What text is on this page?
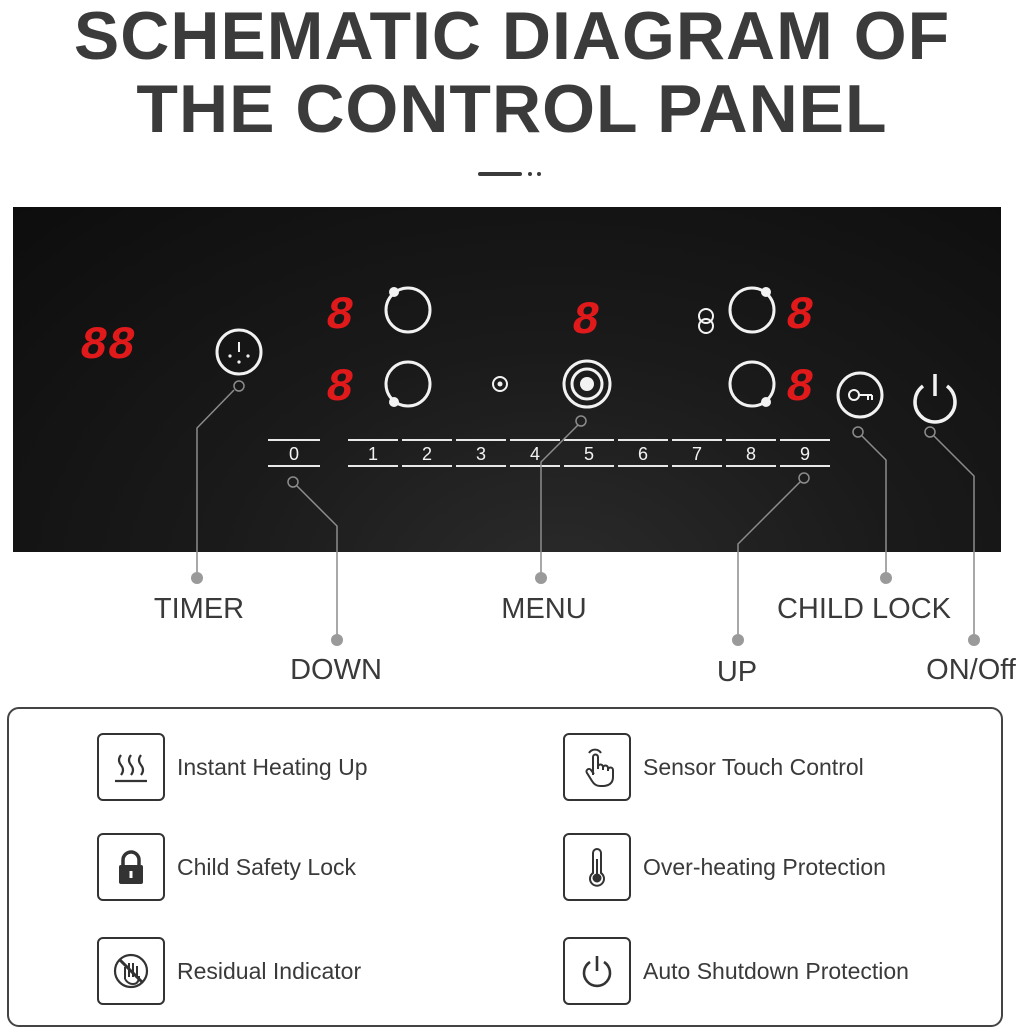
SCHEMATIC DIAGRAM OF
THE CONTROL PANEL
88
8
8
8	8
8
0	1 2 3 4 5 6 7 8 9
TIMER
DOWN
MENU
UP
CHILD LOCK
ON/Off
Instant Heating Up	Sensor Touch Control
Child Safety Lock	Over-heating Protection
Residual Indicator	Auto Shutdown Protection
